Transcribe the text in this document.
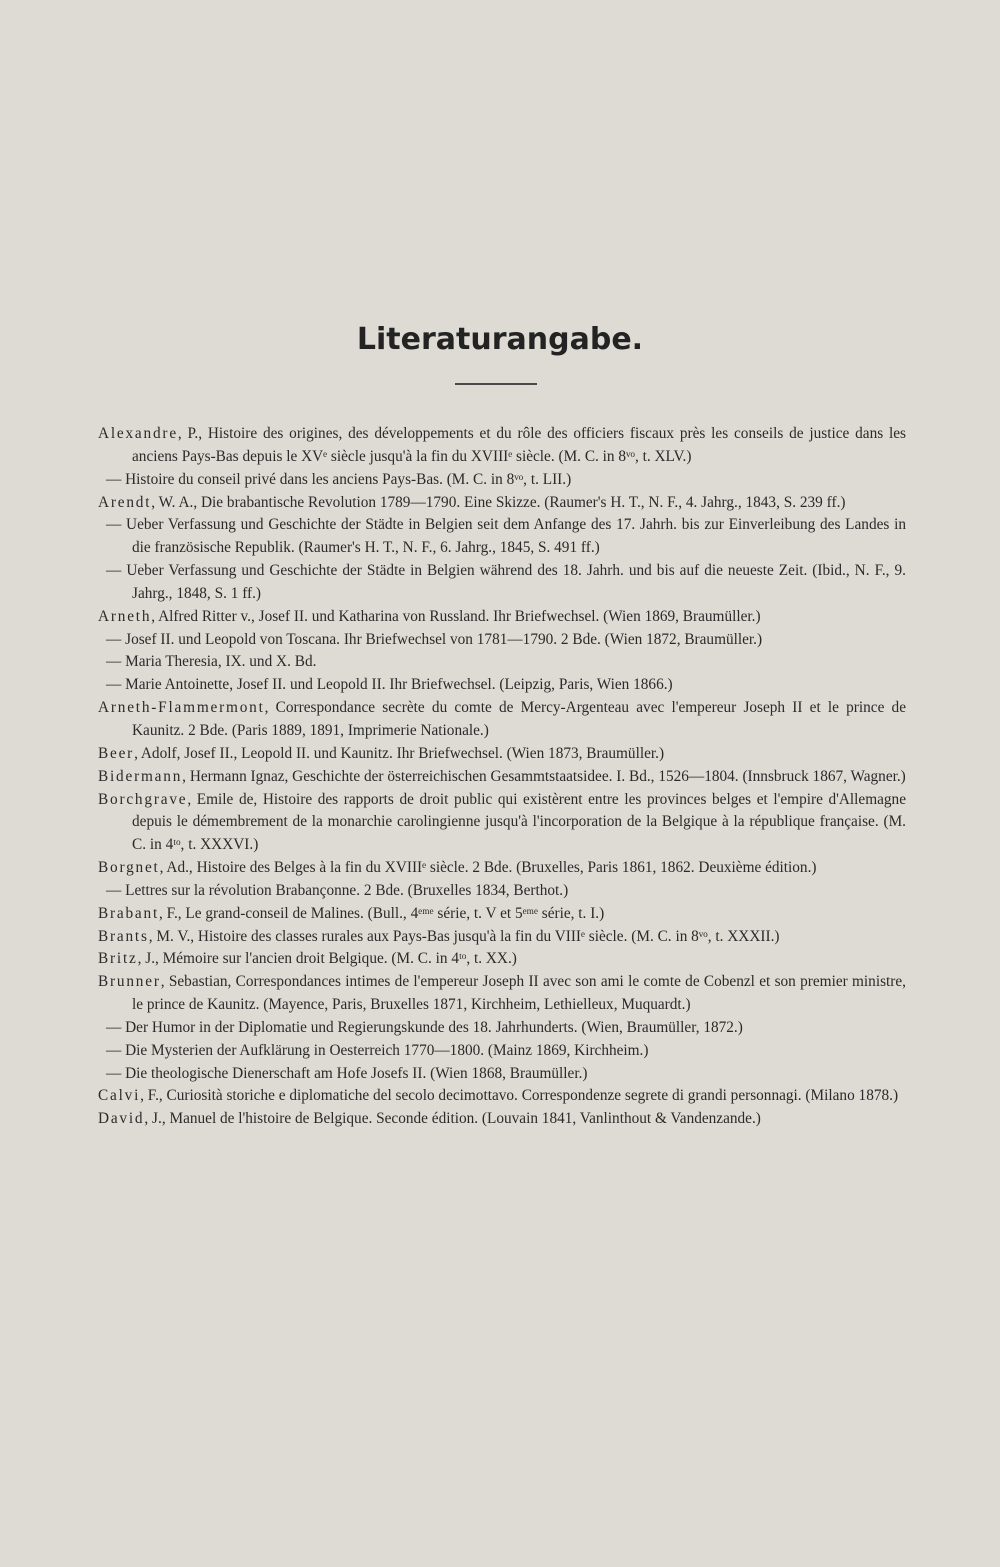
Literaturangabe.
Alexandre, P., Histoire des origines, des développements et du rôle des officiers fiscaux près les conseils de justice dans les anciens Pays-Bas depuis le XVᵉ siècle jusqu'à la fin du XVIIIᵉ siècle. (M. C. in 8ᵛᵒ, t. XLV.)
— Histoire du conseil privé dans les anciens Pays-Bas. (M. C. in 8ᵛᵒ, t. LII.)
Arendt, W. A., Die brabantische Revolution 1789—1790. Eine Skizze. (Raumer's H. T., N. F., 4. Jahrg., 1843, S. 239 ff.)
— Ueber Verfassung und Geschichte der Städte in Belgien seit dem Anfange des 17. Jahrh. bis zur Einverleibung des Landes in die französische Republik. (Raumer's H. T., N. F., 6. Jahrg., 1845, S. 491 ff.)
— Ueber Verfassung und Geschichte der Städte in Belgien während des 18. Jahrh. und bis auf die neueste Zeit. (Ibid., N. F., 9. Jahrg., 1848, S. 1 ff.)
Arneth, Alfred Ritter v., Josef II. und Katharina von Russland. Ihr Briefwechsel. (Wien 1869, Braumüller.)
— Josef II. und Leopold von Toscana. Ihr Briefwechsel von 1781—1790. 2 Bde. (Wien 1872, Braumüller.)
— Maria Theresia, IX. und X. Bd.
— Marie Antoinette, Josef II. und Leopold II. Ihr Briefwechsel. (Leipzig, Paris, Wien 1866.)
Arneth-Flammermont, Correspondance secrète du comte de Mercy-Argenteau avec l'empereur Joseph II et le prince de Kaunitz. 2 Bde. (Paris 1889, 1891, Imprimerie Nationale.)
Beer, Adolf, Josef II., Leopold II. und Kaunitz. Ihr Briefwechsel. (Wien 1873, Braumüller.)
Bidermann, Hermann Ignaz, Geschichte der österreichischen Gesammtstaatsidee. I. Bd., 1526—1804. (Innsbruck 1867, Wagner.)
Borchgrave, Emile de, Histoire des rapports de droit public qui existèrent entre les provinces belges et l'empire d'Allemagne depuis le démembrement de la monarchie carolingienne jusqu'à l'incorporation de la Belgique à la république française. (M. C. in 4ᵗᵒ, t. XXXVI.)
Borgnet, Ad., Histoire des Belges à la fin du XVIIIᵉ siècle. 2 Bde. (Bruxelles, Paris 1861, 1862. Deuxième édition.)
— Lettres sur la révolution Brabançonne. 2 Bde. (Bruxelles 1834, Berthot.)
Brabant, F., Le grand-conseil de Malines. (Bull., 4ᵉᵐᵉ série, t. V et 5ᵉᵐᵉ série, t. I.)
Brants, M. V., Histoire des classes rurales aux Pays-Bas jusqu'à la fin du VIIIᵉ siècle. (M. C. in 8ᵛᵒ, t. XXXII.)
Britz, J., Mémoire sur l'ancien droit Belgique. (M. C. in 4ᵗᵒ, t. XX.)
Brunner, Sebastian, Correspondances intimes de l'empereur Joseph II avec son ami le comte de Cobenzl et son premier ministre, le prince de Kaunitz. (Mayence, Paris, Bruxelles 1871, Kirchheim, Lethielleux, Muquardt.)
— Der Humor in der Diplomatie und Regierungskunde des 18. Jahrhunderts. (Wien, Braumüller, 1872.)
— Die Mysterien der Aufklärung in Oesterreich 1770—1800. (Mainz 1869, Kirchheim.)
— Die theologische Dienerschaft am Hofe Josefs II. (Wien 1868, Braumüller.)
Calvi, F., Curiosità storiche e diplomatiche del secolo decimottavo. Correspondenze segrete di grandi personnagi. (Milano 1878.)
David, J., Manuel de l'histoire de Belgique. Seconde édition. (Louvain 1841, Vanlinthout & Vandenzande.)
